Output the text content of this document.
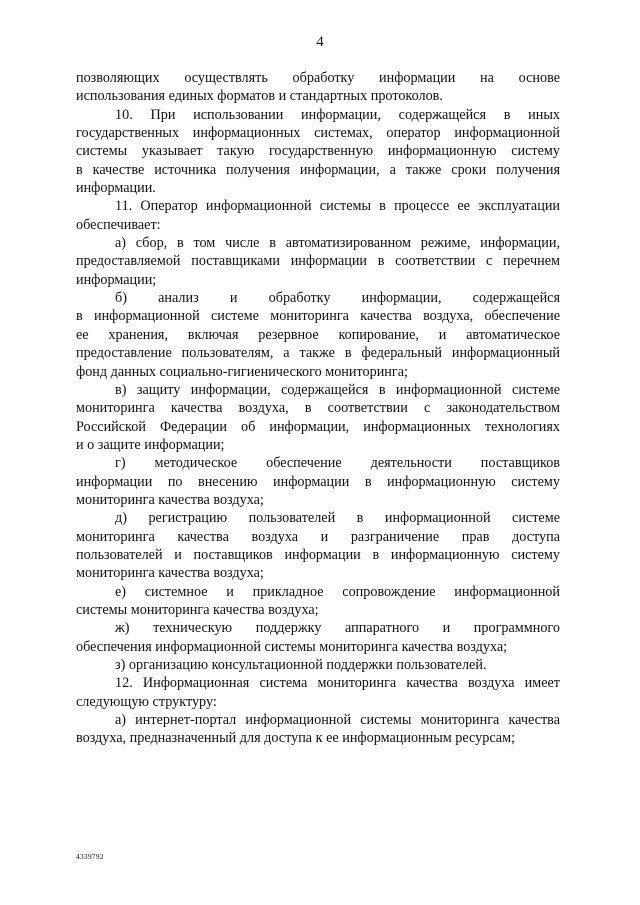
4
позволяющих осуществлять обработку информации на основе
использования единых форматов и стандартных протоколов.
10. При использовании информации, содержащейся в иных
государственных информационных системах, оператор информационной
системы указывает такую государственную информационную систему
в качестве источника получения информации, а также сроки получения
информации.
11. Оператор информационной системы в процессе ее эксплуатации
обеспечивает:
а) сбор, в том числе в автоматизированном режиме, информации,
предоставляемой поставщиками информации в соответствии с перечнем
информации;
б) анализ и обработку информации, содержащейся
в информационной системе мониторинга качества воздуха, обеспечение
ее хранения, включая резервное копирование, и автоматическое
предоставление пользователям, а также в федеральный информационный
фонд данных социально-гигиенического мониторинга;
в) защиту информации, содержащейся в информационной системе
мониторинга качества воздуха, в соответствии с законодательством
Российской Федерации об информации, информационных технологиях
и о защите информации;
г) методическое обеспечение деятельности поставщиков
информации по внесению информации в информационную систему
мониторинга качества воздуха;
д) регистрацию пользователей в информационной системе
мониторинга качества воздуха и разграничение прав доступа
пользователей и поставщиков информации в информационную систему
мониторинга качества воздуха;
е) системное и прикладное сопровождение информационной
системы мониторинга качества воздуха;
ж) техническую поддержку аппаратного и программного
обеспечения информационной системы мониторинга качества воздуха;
з) организацию консультационной поддержки пользователей.
12. Информационная система мониторинга качества воздуха имеет
следующую структуру:
а) интернет-портал информационной системы мониторинга качества
воздуха, предназначенный для доступа к ее информационным ресурсам;
4339792
